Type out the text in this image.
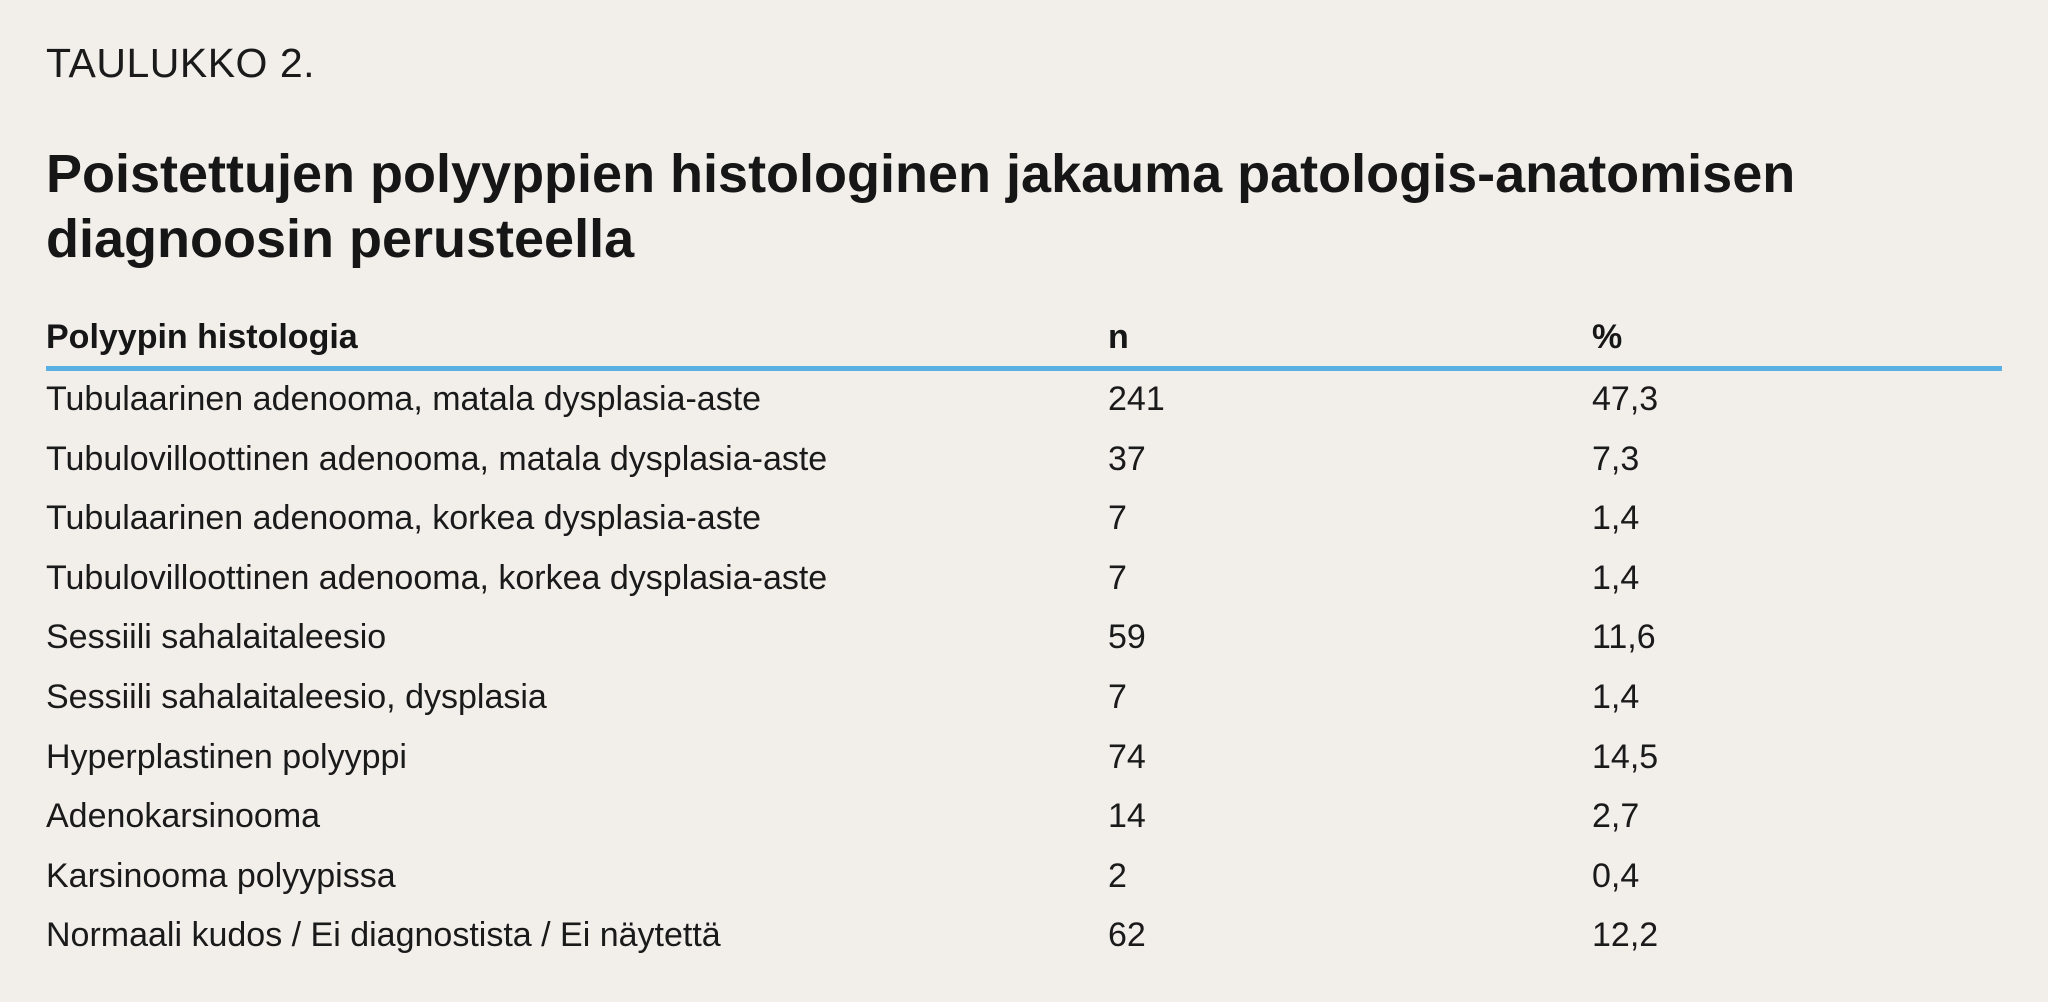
TAULUKKO 2.
Poistettujen polyyppien histologinen jakauma patologis-anatomisen diagnoosin perusteella
Polyypin histologia	n	%
Tubulaarinen adenooma, matala dysplasia-aste	241	47,3
Tubulovilloottinen adenooma, matala dysplasia-aste	37	7,3
Tubulaarinen adenooma, korkea dysplasia-aste	7	1,4
Tubulovilloottinen adenooma, korkea dysplasia-aste	7	1,4
Sessiili sahalaitaleesio	59	11,6
Sessiili sahalaitaleesio, dysplasia	7	1,4
Hyperplastinen polyyppi	74	14,5
Adenokarsinooma	14	2,7
Karsinooma polyypissa	2	0,4
Normaali kudos / Ei diagnostista / Ei näytettä	62	12,2
